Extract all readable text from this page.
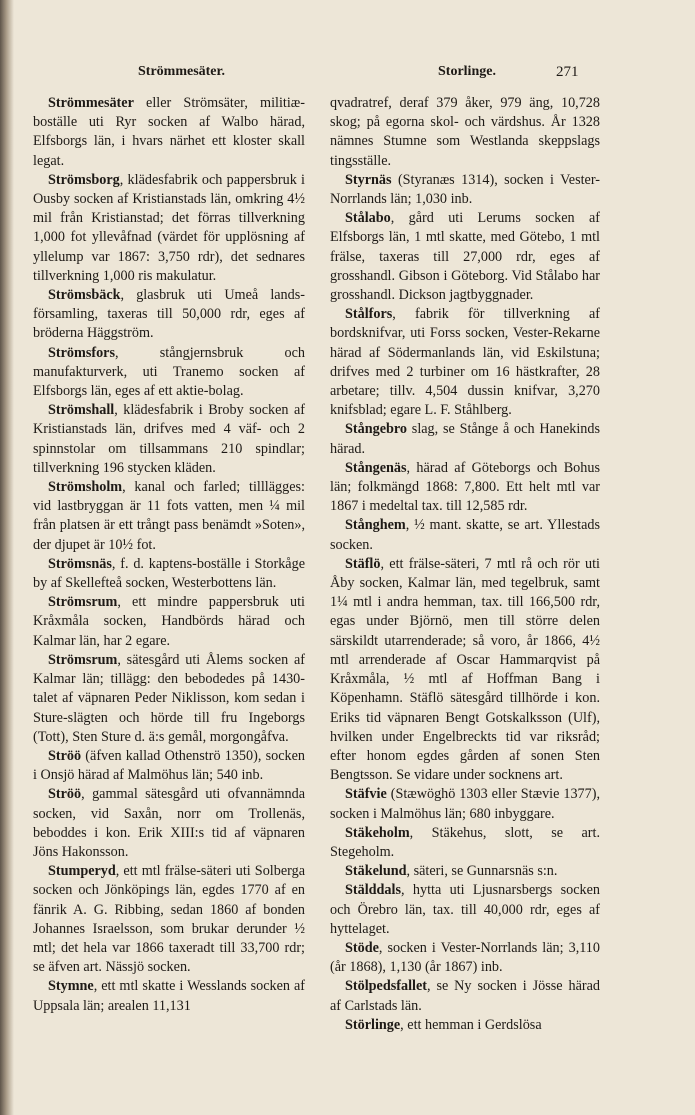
Strömmesäter.	Storlinge.	271

Strömmesäter eller Strömsäter, militiæ-boställe uti Ryr socken af Walbo härad, Elfsborgs län, i hvars närhet ett kloster skall legat.

Strömsborg, klädesfabrik och pappersbruk i Ousby socken af Kristianstads län, omkring 4½ mil från Kristianstad; det förras tillverkning 1,000 fot yllevåfnad (värdet för upplösning af yllelump var 1867: 3,750 rdr), det sednares tillverkning 1,000 ris makulatur.

Strömsbäck, glasbruk uti Umeå lands-församling, taxeras till 50,000 rdr, eges af bröderna Häggström.

Strömsfors, stångjernsbruk och manufakturverk, uti Tranemo socken af Elfsborgs län, eges af ett aktie-bolag.

Strömshall, klädesfabrik i Broby socken af Kristianstads län, drifves med 4 väf- och 2 spinnstolar om tillsammans 210 spindlar; tillverkning 196 stycken kläden.

Strömsholm, kanal och farled; tilllägges: vid lastbryggan är 11 fots vatten, men ¼ mil från platsen är ett trångt pass benämdt »Soten», der djupet är 10½ fot.

Strömsnäs, f. d. kaptens-boställe i Storkåge by af Skellefteå socken, Westerbottens län.

Strömsrum, ett mindre pappersbruk uti Kråxmåla socken, Handbörds härad och Kalmar län, har 2 egare.

Strömsrum, sätesgård uti Ålems socken af Kalmar län; tillägg: den bebodedes på 1430-talet af väpnaren Peder Niklisson, kom sedan i Sture-slägten och hörde till fru Ingeborgs (Tott), Sten Sture d. ä:s gemål, morgongåfva.

Ströö (äfven kallad Othenströ 1350), socken i Onsjö härad af Malmöhus län; 540 inb.

Ströö, gammal sätesgård uti ofvannämnda socken, vid Saxån, norr om Trollenäs, beboddes i kon. Erik XIII:s tid af väpnaren Jöns Hakonsson.

Stumperyd, ett mtl frälse-säteri uti Solberga socken och Jönköpings län, egdes 1770 af en fänrik A. G. Ribbing, sedan 1860 af bonden Johannes Israelsson, som brukar derunder ½ mtl; det hela var 1866 taxeradt till 33,700 rdr; se äfven art. Nässjö socken.

Stymne, ett mtl skatte i Wesslands socken af Uppsala län; arealen 11,131

qvadratref, deraf 379 åker, 979 äng, 10,728 skog; på egorna skol- och värdshus. År 1328 nämnes Stumne som Westlanda skeppslags tingsställe.

Styrnäs (Styranæs 1314), socken i Vester-Norrlands län; 1,030 inb.

Stålabo, gård uti Lerums socken af Elfsborgs län, 1 mtl skatte, med Götebo, 1 mtl frälse, taxeras till 27,000 rdr, eges af grosshandl. Gibson i Göteborg. Vid Stålabo har grosshandl. Dickson jagtbyggnader.

Stålfors, fabrik för tillverkning af bordsknifvar, uti Forss socken, Vester-Rekarne härad af Södermanlands län, vid Eskilstuna; drifves med 2 turbiner om 16 hästkrafter, 28 arbetare; tillv. 4,504 dussin knifvar, 3,270 knifsblad; egare L. F. Ståhlberg.

Stångebro slag, se Stånge å och Hanekinds härad.

Stångenäs, härad af Göteborgs och Bohus län; folkmängd 1868: 7,800. Ett helt mtl var 1867 i medeltal tax. till 12,585 rdr.

Stånghem, ½ mant. skatte, se art. Yllestads socken.

Stäflö, ett frälse-säteri, 7 mtl rå och rör uti Åby socken, Kalmar län, med tegelbruk, samt 1¼ mtl i andra hemman, tax. till 166,500 rdr, egas under Björnö, men till större delen särskildt utarrenderade; så voro, år 1866, 4½ mtl arrenderade af Oscar Hammarqvist på Kråxmåla, ½ mtl af Hoffman Bang i Köpenhamn. Stäflö sätesgård tillhörde i kon. Eriks tid väpnaren Bengt Gotskalksson (Ulf), hvilken under Engelbreckts tid var riksråd; efter honom egdes gården af sonen Sten Bengtsson. Se vidare under socknens art.

Stäfvie (Stæwöghö 1303 eller Stævie 1377), socken i Malmöhus län; 680 inbyggare.

Stäkeholm, Stäkehus, slott, se art. Stegeholm.

Stäkelund, säteri, se Gunnarsnäs s:n.

Stälddals, hytta uti Ljusnarsbergs socken och Örebro län, tax. till 40,000 rdr, eges af hyttelaget.

Stöde, socken i Vester-Norrlands län; 3,110 (år 1868), 1,130 (år 1867) inb.

Stölpedsfallet, se Ny socken i Jösse härad af Carlstads län.

Störlinge, ett hemman i Gerdslösa
